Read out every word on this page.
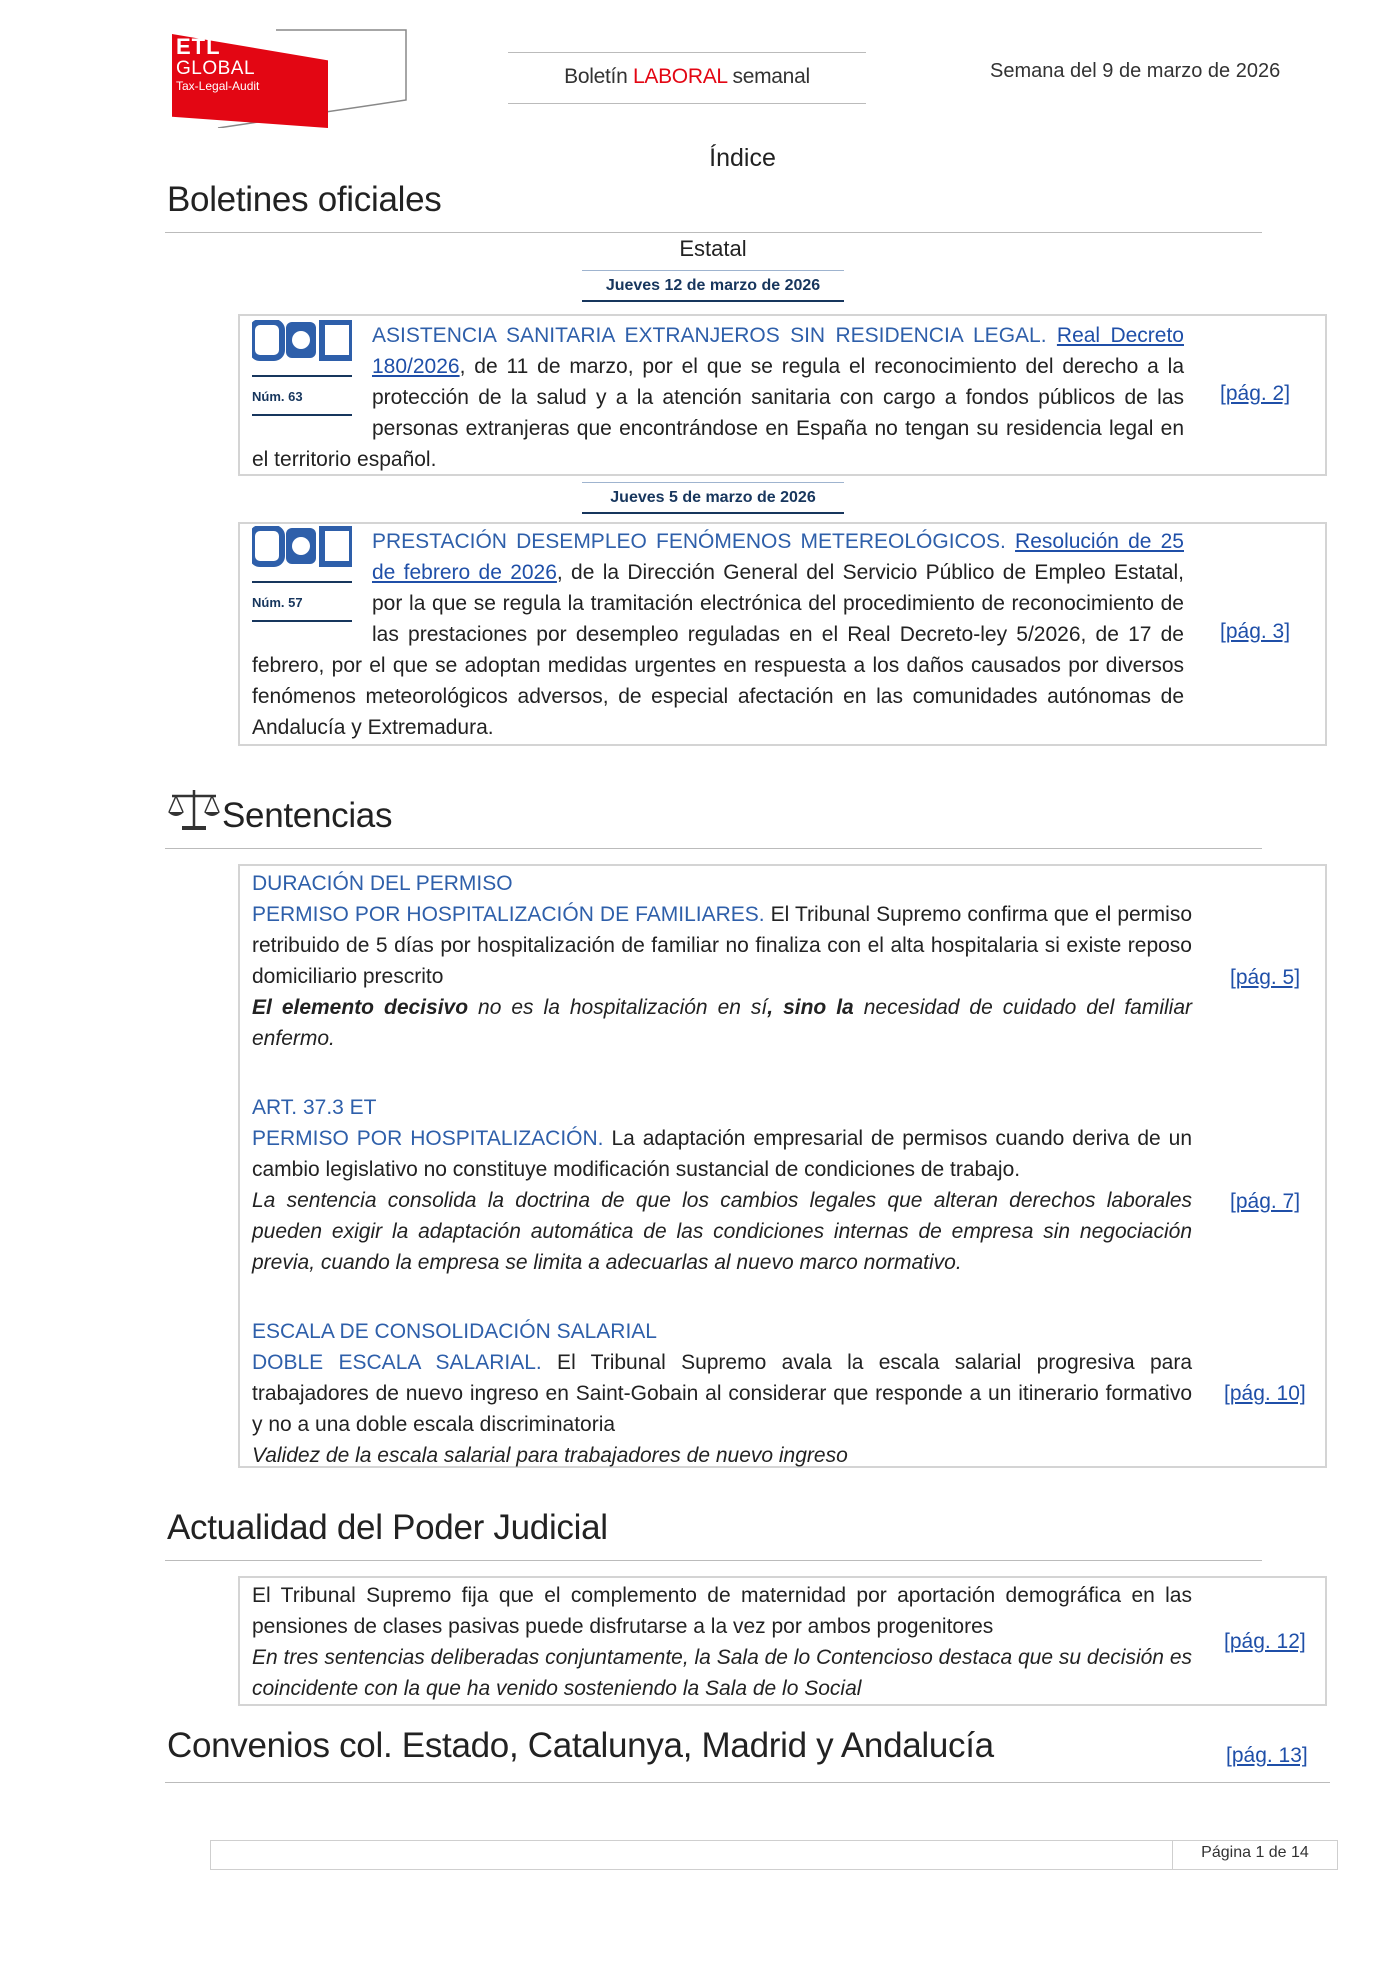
ETL
GLOBAL
Tax-Legal-Audit	Boletín LABORAL semanal	Semana del 9 de marzo de 2026
Índice
Boletines oficiales
Estatal
Jueves 12 de marzo de 2026
Núm. 63
ASISTENCIA SANITARIA EXTRANJEROS SIN RESIDENCIA LEGAL. Real Decreto 180/2026, de 11 de marzo, por el que se regula el reconocimiento del derecho a la protección de la salud y a la atención sanitaria con cargo a fondos públicos de las personas extranjeras que encontrándose en España no tengan su residencia legal en el territorio español.
[pág. 2]
Jueves 5 de marzo de 2026
Núm. 57
PRESTACIÓN DESEMPLEO FENÓMENOS METEREOLÓGICOS. Resolución de 25 de febrero de 2026, de la Dirección General del Servicio Público de Empleo Estatal, por la que se regula la tramitación electrónica del procedimiento de reconocimiento de las prestaciones por desempleo reguladas en el Real Decreto-ley 5/2026, de 17 de febrero, por el que se adoptan medidas urgentes en respuesta a los daños causados por diversos fenómenos meteorológicos adversos, de especial afectación en las comunidades autónomas de Andalucía y Extremadura.
[pág. 3]
Sentencias
DURACIÓN DEL PERMISO
PERMISO POR HOSPITALIZACIÓN DE FAMILIARES. El Tribunal Supremo confirma que el permiso retribuido de 5 días por hospitalización de familiar no finaliza con el alta hospitalaria si existe reposo domiciliario prescrito
El elemento decisivo no es la hospitalización en sí, sino la necesidad de cuidado del familiar enfermo.
[pág. 5]
ART. 37.3 ET
PERMISO POR HOSPITALIZACIÓN. La adaptación empresarial de permisos cuando deriva de un cambio legislativo no constituye modificación sustancial de condiciones de trabajo.
La sentencia consolida la doctrina de que los cambios legales que alteran derechos laborales pueden exigir la adaptación automática de las condiciones internas de empresa sin negociación previa, cuando la empresa se limita a adecuarlas al nuevo marco normativo.
[pág. 7]
ESCALA DE CONSOLIDACIÓN SALARIAL
DOBLE ESCALA SALARIAL. El Tribunal Supremo avala la escala salarial progresiva para trabajadores de nuevo ingreso en Saint-Gobain al considerar que responde a un itinerario formativo y no a una doble escala discriminatoria
Validez de la escala salarial para trabajadores de nuevo ingreso
[pág. 10]
Actualidad del Poder Judicial
El Tribunal Supremo fija que el complemento de maternidad por aportación demográfica en las pensiones de clases pasivas puede disfrutarse a la vez por ambos progenitores
En tres sentencias deliberadas conjuntamente, la Sala de lo Contencioso destaca que su decisión es coincidente con la que ha venido sosteniendo la Sala de lo Social
[pág. 12]
Convenios col. Estado, Catalunya, Madrid y Andalucía	[pág. 13]
Página 1 de 14
